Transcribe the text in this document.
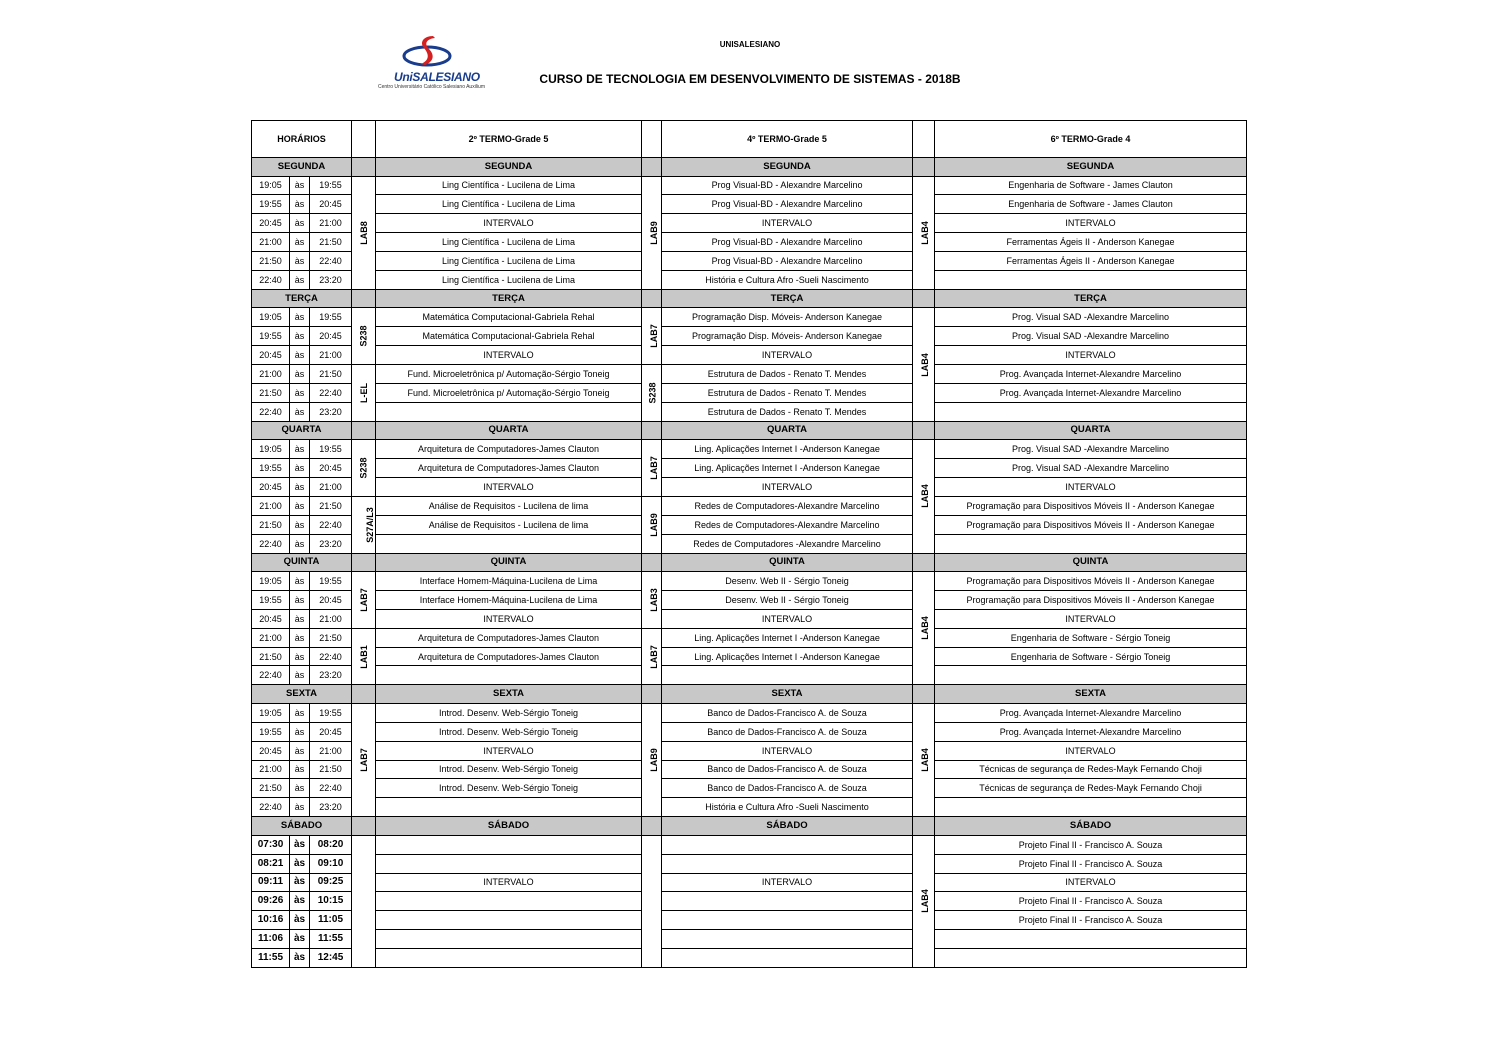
UniSALESIANO
Centro Universitário Católico Salesiano Auxilium
UNISALESIANO
CURSO DE TECNOLOGIA EM DESENVOLVIMENTO DE SISTEMAS - 2018B
HORÁRIOS				2º TERMO-Grade 5		4º TERMO-Grade 5		6º TERMO-Grade 4
SEGUNDA				SEGUNDA		SEGUNDA		SEGUNDA
19:05	às	19:55	LAB8	Ling Científica - Lucilena de Lima	LAB9	Prog Visual-BD - Alexandre Marcelino	LAB4	Engenharia de Software - James Clauton
19:55	às	20:45		Ling Científica - Lucilena de Lima		Prog Visual-BD - Alexandre Marcelino		Engenharia de Software - James Clauton
20:45	às	21:00		INTERVALO		INTERVALO		INTERVALO
21:00	às	21:50		Ling Científica - Lucilena de Lima		Prog Visual-BD - Alexandre Marcelino		Ferramentas Ágeis II - Anderson Kanegae
21:50	às	22:40		Ling Científica - Lucilena de Lima		Prog Visual-BD - Alexandre Marcelino		Ferramentas Ágeis II - Anderson Kanegae
22:40	às	23:20		Ling Científica - Lucilena de Lima		História e Cultura Afro -Sueli Nascimento		
TERÇA				TERÇA		TERÇA		TERÇA
19:05	às	19:55	S238	Matemática Computacional-Gabriela Rehal	LAB7	Programação Disp. Móveis- Anderson Kanegae	LAB4	Prog. Visual SAD -Alexandre Marcelino
19:55	às	20:45		Matemática Computacional-Gabriela Rehal		Programação Disp. Móveis- Anderson Kanegae		Prog. Visual SAD -Alexandre Marcelino
20:45	às	21:00		INTERVALO		INTERVALO		INTERVALO
21:00	às	21:50	L-EL	Fund. Microeletrônica p/ Automação-Sérgio Toneig	S238	Estrutura de Dados - Renato T. Mendes		Prog. Avançada Internet-Alexandre Marcelino
21:50	às	22:40		Fund. Microeletrônica p/ Automação-Sérgio Toneig		Estrutura de Dados - Renato T. Mendes		Prog. Avançada Internet-Alexandre Marcelino
22:40	às	23:20				Estrutura de Dados - Renato T. Mendes		
QUARTA				QUARTA		QUARTA		QUARTA
19:05	às	19:55	S238	Arquitetura de Computadores-James Clauton	LAB7	Ling. Aplicações Internet I -Anderson Kanegae	LAB4	Prog. Visual SAD -Alexandre Marcelino
19:55	às	20:45		Arquitetura de Computadores-James Clauton		Ling. Aplicações Internet I -Anderson Kanegae		Prog. Visual SAD -Alexandre Marcelino
20:45	às	21:00		INTERVALO		INTERVALO		INTERVALO
21:00	às	21:50	S27A/L3	Análise de Requisitos - Lucilena de lima	LAB9	Redes de Computadores-Alexandre Marcelino		Programação para Dispositivos Móveis II - Anderson Kanegae
21:50	às	22:40		Análise de Requisitos - Lucilena de lima		Redes de Computadores-Alexandre Marcelino		Programação para Dispositivos Móveis II - Anderson Kanegae
22:40	às	23:20				Redes de Computadores -Alexandre Marcelino		
QUINTA				QUINTA		QUINTA		QUINTA
19:05	às	19:55	LAB7	Interface Homem-Máquina-Lucilena de Lima	LAB3	Desenv. Web II - Sérgio Toneig	LAB4	Programação para Dispositivos Móveis II - Anderson Kanegae
19:55	às	20:45		Interface Homem-Máquina-Lucilena de Lima		Desenv. Web II - Sérgio Toneig		Programação para Dispositivos Móveis II - Anderson Kanegae
20:45	às	21:00		INTERVALO		INTERVALO		INTERVALO
21:00	às	21:50	LAB1	Arquitetura de Computadores-James Clauton	LAB7	Ling. Aplicações Internet I -Anderson Kanegae		Engenharia de Software - Sérgio Toneig
21:50	às	22:40		Arquitetura de Computadores-James Clauton		Ling. Aplicações Internet I -Anderson Kanegae		Engenharia de Software - Sérgio Toneig
22:40	às	23:20						
SEXTA				SEXTA		SEXTA		SEXTA
19:05	às	19:55	LAB7	Introd. Desenv. Web-Sérgio Toneig	LAB9	Banco de Dados-Francisco A. de Souza	LAB4	Prog. Avançada Internet-Alexandre Marcelino
19:55	às	20:45		Introd. Desenv. Web-Sérgio Toneig		Banco de Dados-Francisco A. de Souza		Prog. Avançada Internet-Alexandre Marcelino
20:45	às	21:00		INTERVALO		INTERVALO		INTERVALO
21:00	às	21:50		Introd. Desenv. Web-Sérgio Toneig		Banco de Dados-Francisco A. de Souza		Técnicas de segurança de Redes-Mayk Fernando Choji
21:50	às	22:40		Introd. Desenv. Web-Sérgio Toneig		Banco de Dados-Francisco A. de Souza		Técnicas de segurança de Redes-Mayk Fernando Choji
22:40	às	23:20				História e Cultura Afro -Sueli Nascimento		
SÁBADO				SÁBADO		SÁBADO		SÁBADO
07:30	às	08:20					LAB4	Projeto Final II - Francisco A. Souza
08:21	às	09:10						Projeto Final II - Francisco A. Souza
09:11	às	09:25		INTERVALO		INTERVALO		INTERVALO
09:26	às	10:15						Projeto Final II - Francisco A. Souza
10:16	às	11:05						Projeto Final II - Francisco A. Souza
11:06	às	11:55						
11:55	às	12:45						
